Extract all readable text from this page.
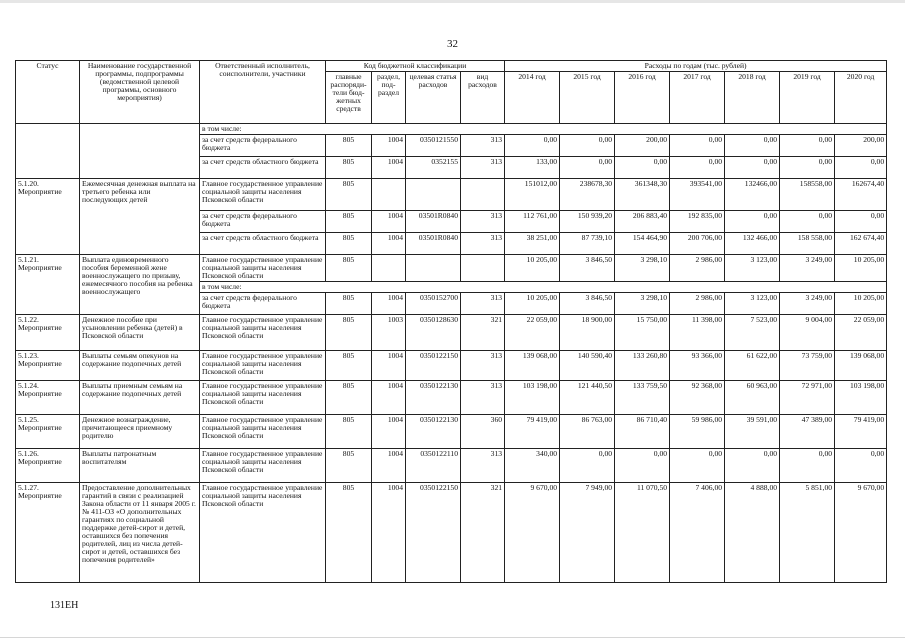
32
Статус	Наименование государственной программы, подпрограммы (ведомственной целевой программы, основного мероприятия)	Ответственный исполнитель, соисполнители, участники	Код бюджетной классификации				Расходы по годам (тыс. рублей)						
			главные распоряди-тели бюд-жетных средств	раздел, под-раздел	целевая статья расходов	вид расходов	2014 год	2015 год	2016 год	2017 год	2018 год	2019 год	2020 год
		в том числе:											
		за счет средств федерального бюджета	805	1004	0350121550	313	0,00	0,00	200,00	0,00	0,00	0,00	200,00
		за счет средств областного бюджета	805	1004	0352155	313	133,00	0,00	0,00	0,00	0,00	0,00	0,00
5.1.20. Мероприятие	Ежемесячная денежная выплата на третьего ребенка или последующих детей	Главное государственное управление социальной защиты населения Псковской области	805				151012,00	238678,30	361348,30	393541,00	132466,00	158558,00	162674,40
		за счет средств федерального бюджета	805	1004	03501R0840	313	112 761,00	150 939,20	206 883,40	192 835,00	0,00	0,00	0,00
		за счет средств областного бюджета	805	1004	03501R0840	313	38 251,00	87 739,10	154 464,90	200 706,00	132 466,00	158 558,00	162 674,40
5.1.21. Мероприятие	Выплата единовременного пособия беременной жене военнослужащего по призыву, ежемесячного пособия на ребенка военнослужащего	Главное государственное управление социальной защиты населения Псковской области	805				10 205,00	3 846,50	3 298,10	2 986,00	3 123,00	3 249,00	10 205,00
		в том числе:											
		за счет средств федерального бюджета	805	1004	0350152700	313	10 205,00	3 846,50	3 298,10	2 986,00	3 123,00	3 249,00	10 205,00
5.1.22. Мероприятие	Денежное пособие при усыновлении ребенка (детей) в Псковской области	Главное государственное управление социальной защиты населения Псковской области	805	1003	0350128630	321	22 059,00	18 900,00	15 750,00	11 398,00	7 523,00	9 004,00	22 059,00
5.1.23. Мероприятие	Выплаты семьям опекунов на содержание подопечных детей	Главное государственное управление социальной защиты населения Псковской области	805	1004	0350122150	313	139 068,00	140 590,40	133 260,80	93 366,00	61 622,00	73 759,00	139 068,00
5.1.24. Мероприятие	Выплаты приемным семьям на содержание подопечных детей	Главное государственное управление социальной защиты населения Псковской области	805	1004	0350122130	313	103 198,00	121 440,50	133 759,50	92 368,00	60 963,00	72 971,00	103 198,00
5.1.25. Мероприятие	Денежное вознаграждение, причитающееся приемному родителю	Главное государственное управление социальной защиты населения Псковской области	805	1004	0350122130	360	79 419,00	86 763,00	86 710,40	59 986,00	39 591,00	47 389,00	79 419,00
5.1.26. Мероприятие	Выплаты патронатным воспитателям	Главное государственное управление социальной защиты населения Псковской области	805	1004	0350122110	313	340,00	0,00	0,00	0,00	0,00	0,00	0,00
5.1.27. Мероприятие	Предоставление дополнительных гарантий в связи с реализацией Закона области от 11 января 2005 г. № 411-ОЗ «О дополнительных гарантиях по социальной поддержке детей-сирот и детей, оставшихся без попечения родителей, лиц из числа детей-сирот и детей, оставшихся без попечения родителей»	Главное государственное управление социальной защиты населения Псковской области	805	1004	0350122150	321	9 670,00	7 949,00	11 070,50	7 406,00	4 888,00	5 851,00	9 670,00
131ЕН
